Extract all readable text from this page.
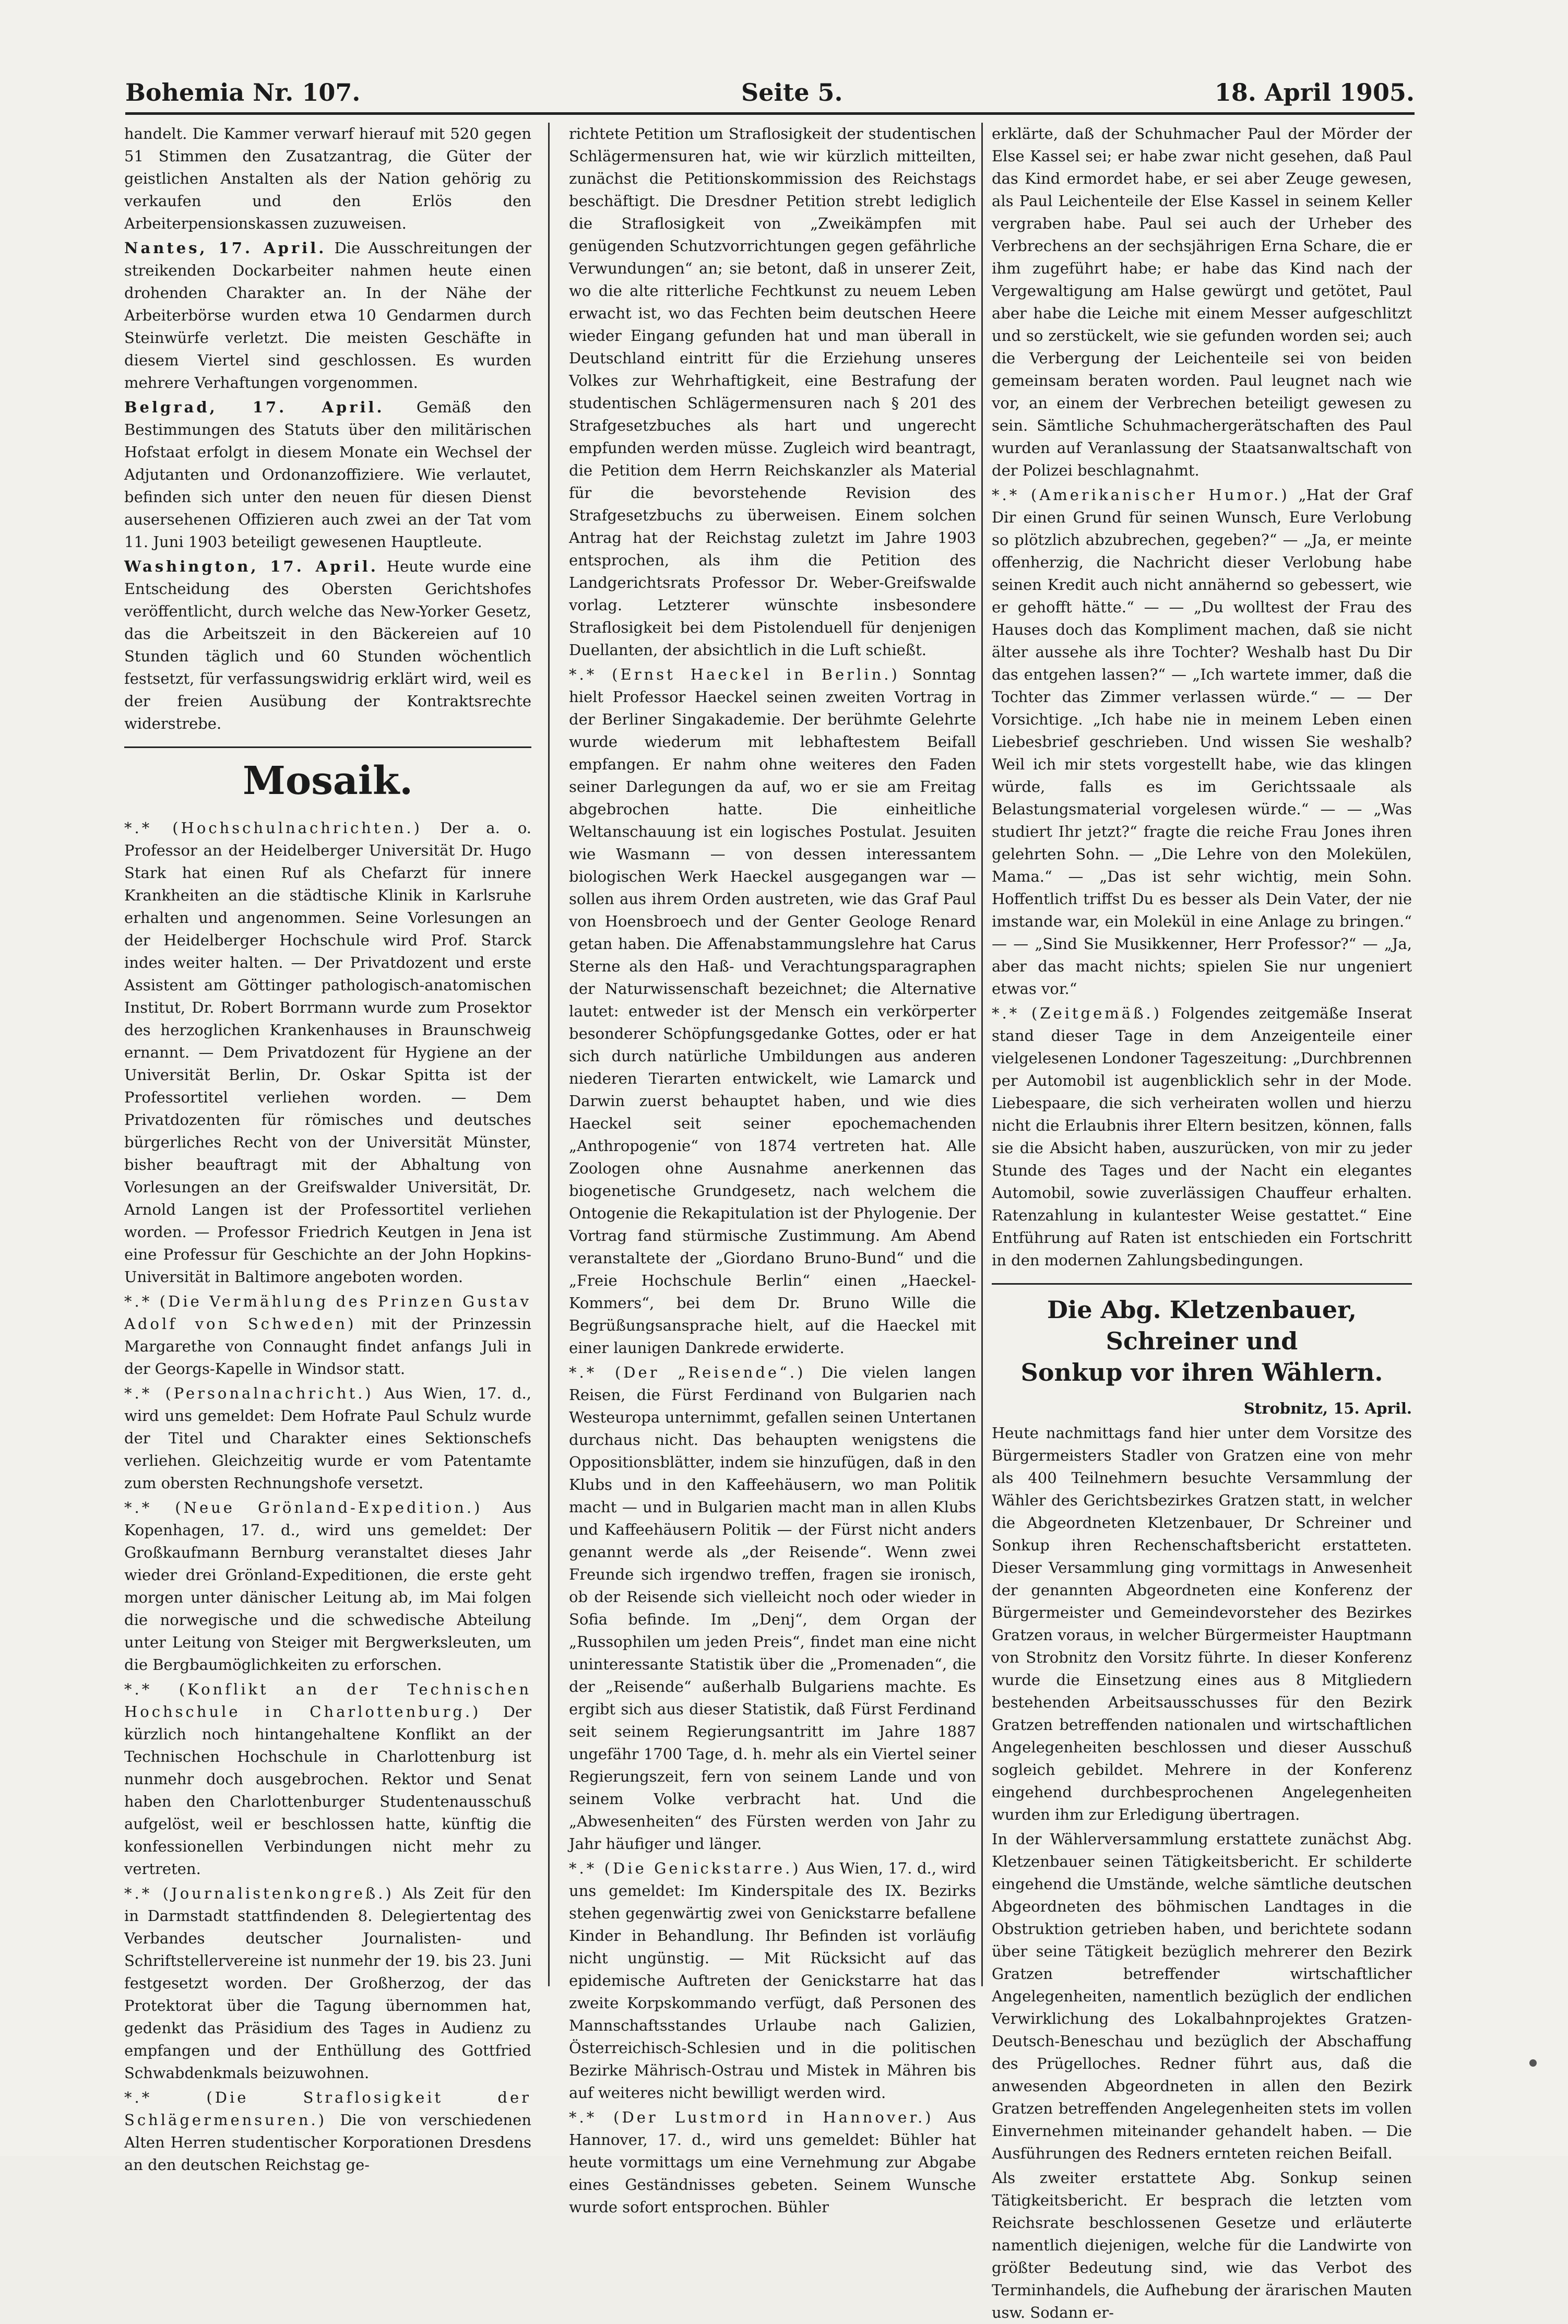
Bohemia Nr. 107.	Seite 5.	18. April 1905.

handelt. Die Kammer verwarf hierauf mit 520 gegen 51 Stimmen den Zusatzantrag, die Güter der geistlichen Anstalten als der Nation gehörig zu verkaufen und den Erlös den Arbeiterpensionskassen zuzuweisen.

Nantes, 17. April. Die Ausschreitungen der streikenden Dockarbeiter nahmen heute einen drohenden Charakter an. In der Nähe der Arbeiterbörse wurden etwa 10 Gendarmen durch Steinwürfe verletzt. Die meisten Geschäfte in diesem Viertel sind geschlossen. Es wurden mehrere Verhaftungen vorgenommen.

Belgrad, 17. April. Gemäß den Bestimmungen des Statuts über den militärischen Hofstaat erfolgt in diesem Monate ein Wechsel der Adjutanten und Ordonanzoffiziere. Wie verlautet, befinden sich unter den neuen für diesen Dienst ausersehenen Offizieren auch zwei an der Tat vom 11. Juni 1903 beteiligt gewesenen Hauptleute.

Washington, 17. April. Heute wurde eine Entscheidung des Obersten Gerichtshofes veröffentlicht, durch welche das New-Yorker Gesetz, das die Arbeitszeit in den Bäckereien auf 10 Stunden täglich und 60 Stunden wöchentlich festsetzt, für verfassungswidrig erklärt wird, weil es der freien Ausübung der Kontraktsrechte widerstrebe.

Mosaik.

*.* (Hochschulnachrichten.) Der a. o. Professor an der Heidelberger Universität Dr. Hugo Stark hat einen Ruf als Chefarzt für innere Krankheiten an die städtische Klinik in Karlsruhe erhalten und angenommen. Seine Vorlesungen an der Heidelberger Hochschule wird Prof. Starck indes weiter halten. — Der Privatdozent und erste Assistent am Göttinger pathologisch-anatomischen Institut, Dr. Robert Borrmann wurde zum Prosektor des herzoglichen Krankenhauses in Braunschweig ernannt. — Dem Privatdozent für Hygiene an der Universität Berlin, Dr. Oskar Spitta ist der Professortitel verliehen worden. — Dem Privatdozenten für römisches und deutsches bürgerliches Recht von der Universität Münster, bisher beauftragt mit der Abhaltung von Vorlesungen an der Greifswalder Universität, Dr. Arnold Langen ist der Professortitel verliehen worden. — Professor Friedrich Keutgen in Jena ist eine Professur für Geschichte an der John Hopkins-Universität in Baltimore angeboten worden.

*.* (Die Vermählung des Prinzen Gustav Adolf von Schweden) mit der Prinzessin Margarethe von Connaught findet anfangs Juli in der Georgs-Kapelle in Windsor statt.

*.* (Personalnachricht.) Aus Wien, 17. d., wird uns gemeldet: Dem Hofrate Paul Schulz wurde der Titel und Charakter eines Sektionschefs verliehen. Gleichzeitig wurde er vom Patentamte zum obersten Rechnungshofe versetzt.

*.* (Neue Grönland-Expedition.) Aus Kopenhagen, 17. d., wird uns gemeldet: Der Großkaufmann Bernburg veranstaltet dieses Jahr wieder drei Grönland-Expeditionen, die erste geht morgen unter dänischer Leitung ab, im Mai folgen die norwegische und die schwedische Abteilung unter Leitung von Steiger mit Bergwerksleuten, um die Bergbaumöglichkeiten zu erforschen.

*.* (Konflikt an der Technischen Hochschule in Charlottenburg.) Der kürzlich noch hintangehaltene Konflikt an der Technischen Hochschule in Charlottenburg ist nunmehr doch ausgebrochen. Rektor und Senat haben den Charlottenburger Studentenausschuß aufgelöst, weil er beschlossen hatte, künftig die konfessionellen Verbindungen nicht mehr zu vertreten.

*.* (Journalistenkongreß.) Als Zeit für den in Darmstadt stattfindenden 8. Delegiertentag des Verbandes deutscher Journalisten- und Schriftstellervereine ist nunmehr der 19. bis 23. Juni festgesetzt worden. Der Großherzog, der das Protektorat über die Tagung übernommen hat, gedenkt das Präsidium des Tages in Audienz zu empfangen und der Enthüllung des Gottfried Schwabdenkmals beizuwohnen.

*.* (Die Straflosigkeit der Schlägermensuren.) Die von verschiedenen Alten Herren studentischer Korporationen Dresdens an den deutschen Reichstag ge-

richtete Petition um Straflosigkeit der studentischen Schlägermensuren hat, wie wir kürzlich mitteilten, zunächst die Petitionskommission des Reichstags beschäftigt. Die Dresdner Petition strebt lediglich die Straflosigkeit von „Zweikämpfen mit genügenden Schutzvorrichtungen gegen gefährliche Verwundungen“ an; sie betont, daß in unserer Zeit, wo die alte ritterliche Fechtkunst zu neuem Leben erwacht ist, wo das Fechten beim deutschen Heere wieder Eingang gefunden hat und man überall in Deutschland eintritt für die Erziehung unseres Volkes zur Wehrhaftigkeit, eine Bestrafung der studentischen Schlägermensuren nach § 201 des Strafgesetzbuches als hart und ungerecht empfunden werden müsse. Zugleich wird beantragt, die Petition dem Herrn Reichskanzler als Material für die bevorstehende Revision des Strafgesetzbuchs zu überweisen. Einem solchen Antrag hat der Reichstag zuletzt im Jahre 1903 entsprochen, als ihm die Petition des Landgerichtsrats Professor Dr. Weber-Greifswalde vorlag. Letzterer wünschte insbesondere Straflosigkeit bei dem Pistolenduell für denjenigen Duellanten, der absichtlich in die Luft schießt.

*.* (Ernst Haeckel in Berlin.) Sonntag hielt Professor Haeckel seinen zweiten Vortrag in der Berliner Singakademie. Der berühmte Gelehrte wurde wiederum mit lebhaftestem Beifall empfangen. Er nahm ohne weiteres den Faden seiner Darlegungen da auf, wo er sie am Freitag abgebrochen hatte. Die einheitliche Weltanschauung ist ein logisches Postulat. Jesuiten wie Wasmann — von dessen interessantem biologischen Werk Haeckel ausgegangen war — sollen aus ihrem Orden austreten, wie das Graf Paul von Hoensbroech und der Genter Geologe Renard getan haben. Die Affenabstammungslehre hat Carus Sterne als den Haß- und Verachtungsparagraphen der Naturwissenschaft bezeichnet; die Alternative lautet: entweder ist der Mensch ein verkörperter besonderer Schöpfungsgedanke Gottes, oder er hat sich durch natürliche Umbildungen aus anderen niederen Tierarten entwickelt, wie Lamarck und Darwin zuerst behauptet haben, und wie dies Haeckel seit seiner epochemachenden „Anthropogenie“ von 1874 vertreten hat. Alle Zoologen ohne Ausnahme anerkennen das biogenetische Grundgesetz, nach welchem die Ontogenie die Rekapitulation ist der Phylogenie. Der Vortrag fand stürmische Zustimmung. Am Abend veranstaltete der „Giordano Bruno-Bund“ und die „Freie Hochschule Berlin“ einen „Haeckel-Kommers“, bei dem Dr. Bruno Wille die Begrüßungsansprache hielt, auf die Haeckel mit einer launigen Dankrede erwiderte.

*.* (Der „Reisende“.) Die vielen langen Reisen, die Fürst Ferdinand von Bulgarien nach Westeuropa unternimmt, gefallen seinen Untertanen durchaus nicht. Das behaupten wenigstens die Oppositionsblätter, indem sie hinzufügen, daß in den Klubs und in den Kaffeehäusern, wo man Politik macht — und in Bulgarien macht man in allen Klubs und Kaffeehäusern Politik — der Fürst nicht anders genannt werde als „der Reisende“. Wenn zwei Freunde sich irgendwo treffen, fragen sie ironisch, ob der Reisende sich vielleicht noch oder wieder in Sofia befinde. Im „Denj“, dem Organ der „Russophilen um jeden Preis“, findet man eine nicht uninteressante Statistik über die „Promenaden“, die der „Reisende“ außerhalb Bulgariens machte. Es ergibt sich aus dieser Statistik, daß Fürst Ferdinand seit seinem Regierungsantritt im Jahre 1887 ungefähr 1700 Tage, d. h. mehr als ein Viertel seiner Regierungszeit, fern von seinem Lande und von seinem Volke verbracht hat. Und die „Abwesenheiten“ des Fürsten werden von Jahr zu Jahr häufiger und länger.

*.* (Die Genickstarre.) Aus Wien, 17. d., wird uns gemeldet: Im Kinderspitale des IX. Bezirks stehen gegenwärtig zwei von Genickstarre befallene Kinder in Behandlung. Ihr Befinden ist vorläufig nicht ungünstig. — Mit Rücksicht auf das epidemische Auftreten der Genickstarre hat das zweite Korpskommando verfügt, daß Personen des Mannschaftsstandes Urlaube nach Galizien, Österreichisch-Schlesien und in die politischen Bezirke Mährisch-Ostrau und Mistek in Mähren bis auf weiteres nicht bewilligt werden wird.

*.* (Der Lustmord in Hannover.) Aus Hannover, 17. d., wird uns gemeldet: Bühler hat heute vormittags um eine Vernehmung zur Abgabe eines Geständnisses gebeten. Seinem Wunsche wurde sofort entsprochen. Bühler

erklärte, daß der Schuhmacher Paul der Mörder der Else Kassel sei; er habe zwar nicht gesehen, daß Paul das Kind ermordet habe, er sei aber Zeuge gewesen, als Paul Leichenteile der Else Kassel in seinem Keller vergraben habe. Paul sei auch der Urheber des Verbrechens an der sechsjährigen Erna Schare, die er ihm zugeführt habe; er habe das Kind nach der Vergewaltigung am Halse gewürgt und getötet, Paul aber habe die Leiche mit einem Messer aufgeschlitzt und so zerstückelt, wie sie gefunden worden sei; auch die Verbergung der Leichenteile sei von beiden gemeinsam beraten worden. Paul leugnet nach wie vor, an einem der Verbrechen beteiligt gewesen zu sein. Sämtliche Schuhmachergerätschaften des Paul wurden auf Veranlassung der Staatsanwaltschaft von der Polizei beschlagnahmt.

*.* (Amerikanischer Humor.) „Hat der Graf Dir einen Grund für seinen Wunsch, Eure Verlobung so plötzlich abzubrechen, gegeben?“ — „Ja, er meinte offenherzig, die Nachricht dieser Verlobung habe seinen Kredit auch nicht annähernd so gebessert, wie er gehofft hätte.“ — — „Du wolltest der Frau des Hauses doch das Kompliment machen, daß sie nicht älter aussehe als ihre Tochter? Weshalb hast Du Dir das entgehen lassen?“ — „Ich wartete immer, daß die Tochter das Zimmer verlassen würde.“ — — Der Vorsichtige. „Ich habe nie in meinem Leben einen Liebesbrief geschrieben. Und wissen Sie weshalb? Weil ich mir stets vorgestellt habe, wie das klingen würde, falls es im Gerichtssaale als Belastungsmaterial vorgelesen würde.“ — — „Was studiert Ihr jetzt?“ fragte die reiche Frau Jones ihren gelehrten Sohn. — „Die Lehre von den Molekülen, Mama.“ — „Das ist sehr wichtig, mein Sohn. Hoffentlich triffst Du es besser als Dein Vater, der nie imstande war, ein Molekül in eine Anlage zu bringen.“ — — „Sind Sie Musikkenner, Herr Professor?“ — „Ja, aber das macht nichts; spielen Sie nur ungeniert etwas vor.“

*.* (Zeitgemäß.) Folgendes zeitgemäße Inserat stand dieser Tage in dem Anzeigenteile einer vielgelesenen Londoner Tageszeitung: „Durchbrennen per Automobil ist augenblicklich sehr in der Mode. Liebespaare, die sich verheiraten wollen und hierzu nicht die Erlaubnis ihrer Eltern besitzen, können, falls sie die Absicht haben, auszurücken, von mir zu jeder Stunde des Tages und der Nacht ein elegantes Automobil, sowie zuverlässigen Chauffeur erhalten. Ratenzahlung in kulantester Weise gestattet.“ Eine Entführung auf Raten ist entschieden ein Fortschritt in den modernen Zahlungsbedingungen.

Die Abg. Kletzenbauer, Schreiner und
Sonkup vor ihren Wählern.

Strobnitz, 15. April.

Heute nachmittags fand hier unter dem Vorsitze des Bürgermeisters Stadler von Gratzen eine von mehr als 400 Teilnehmern besuchte Versammlung der Wähler des Gerichtsbezirkes Gratzen statt, in welcher die Abgeordneten Kletzenbauer, Dr Schreiner und Sonkup ihren Rechenschaftsbericht erstatteten. Dieser Versammlung ging vormittags in Anwesenheit der genannten Abgeordneten eine Konferenz der Bürgermeister und Gemeindevorsteher des Bezirkes Gratzen voraus, in welcher Bürgermeister Hauptmann von Strobnitz den Vorsitz führte. In dieser Konferenz wurde die Einsetzung eines aus 8 Mitgliedern bestehenden Arbeitsausschusses für den Bezirk Gratzen betreffenden nationalen und wirtschaftlichen Angelegenheiten beschlossen und dieser Ausschuß sogleich gebildet. Mehrere in der Konferenz eingehend durchbesprochenen Angelegenheiten wurden ihm zur Erledigung übertragen.

In der Wählerversammlung erstattete zunächst Abg. Kletzenbauer seinen Tätigkeitsbericht. Er schilderte eingehend die Umstände, welche sämtliche deutschen Abgeordneten des böhmischen Landtages in die Obstruktion getrieben haben, und berichtete sodann über seine Tätigkeit bezüglich mehrerer den Bezirk Gratzen betreffender wirtschaftlicher Angelegenheiten, namentlich bezüglich der endlichen Verwirklichung des Lokalbahnprojektes Gratzen-Deutsch-Beneschau und bezüglich der Abschaffung des Prügelloches. Redner führt aus, daß die anwesenden Abgeordneten in allen den Bezirk Gratzen betreffenden Angelegenheiten stets im vollen Einvernehmen miteinander gehandelt haben. — Die Ausführungen des Redners ernteten reichen Beifall.

Als zweiter erstattete Abg. Sonkup seinen Tätigkeitsbericht. Er besprach die letzten vom Reichsrate beschlossenen Gesetze und erläuterte namentlich diejenigen, welche für die Landwirte von größter Bedeutung sind, wie das Verbot des Terminhandels, die Aufhebung der ärarischen Mauten usw. Sodann er-
